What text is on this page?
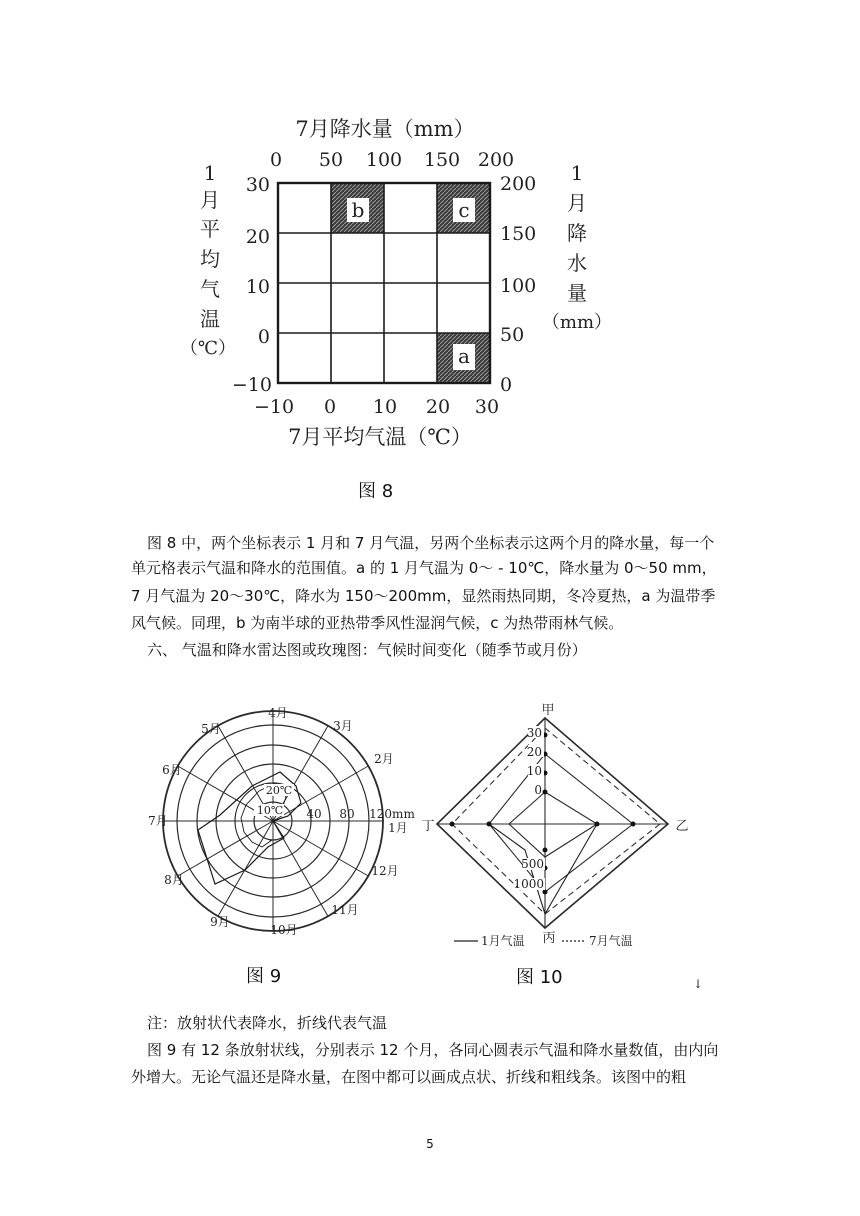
7月降水量（mm）
0 50 100 150 200
1
月
平
均
气
温
（℃）
30
20
10
0
−10
200
150
100
50
0
1
月
降
水
量
（mm）
b	c
a
−10 0 10 20 30
7月平均气温（℃）
图 8
图 8 中，两个坐标表示 1 月和 7 月气温，另两个坐标表示这两个月的降水量，每一个
单元格表示气温和降水的范围值。a 的 1 月气温为 0～ - 10℃，降水量为 0～50 mm，
7 月气温为 20～30℃，降水为 150～200mm，显然雨热同期，冬冷夏热，a 为温带季
风气候。同理，b 为南半球的亚热带季风性湿润气候，c 为热带雨林气候。
六、 气温和降水雷达图或玫瑰图：气候时间变化（随季节或月份）
20℃
10℃ 40 80 120mm
1月
2月
3月
4月
5月
6月
7月
8月
9月
10月
11月
12月
图 9
30
20
10
0
500
1000
甲
乙
丙
丁
1月气温	7月气温
↓
图 10
注：放射状代表降水，折线代表气温
图 9 有 12 条放射状线，分别表示 12 个月，各同心圆表示气温和降水量数值，由内向
外增大。无论气温还是降水量，在图中都可以画成点状、折线和粗线条。该图中的粗
5
